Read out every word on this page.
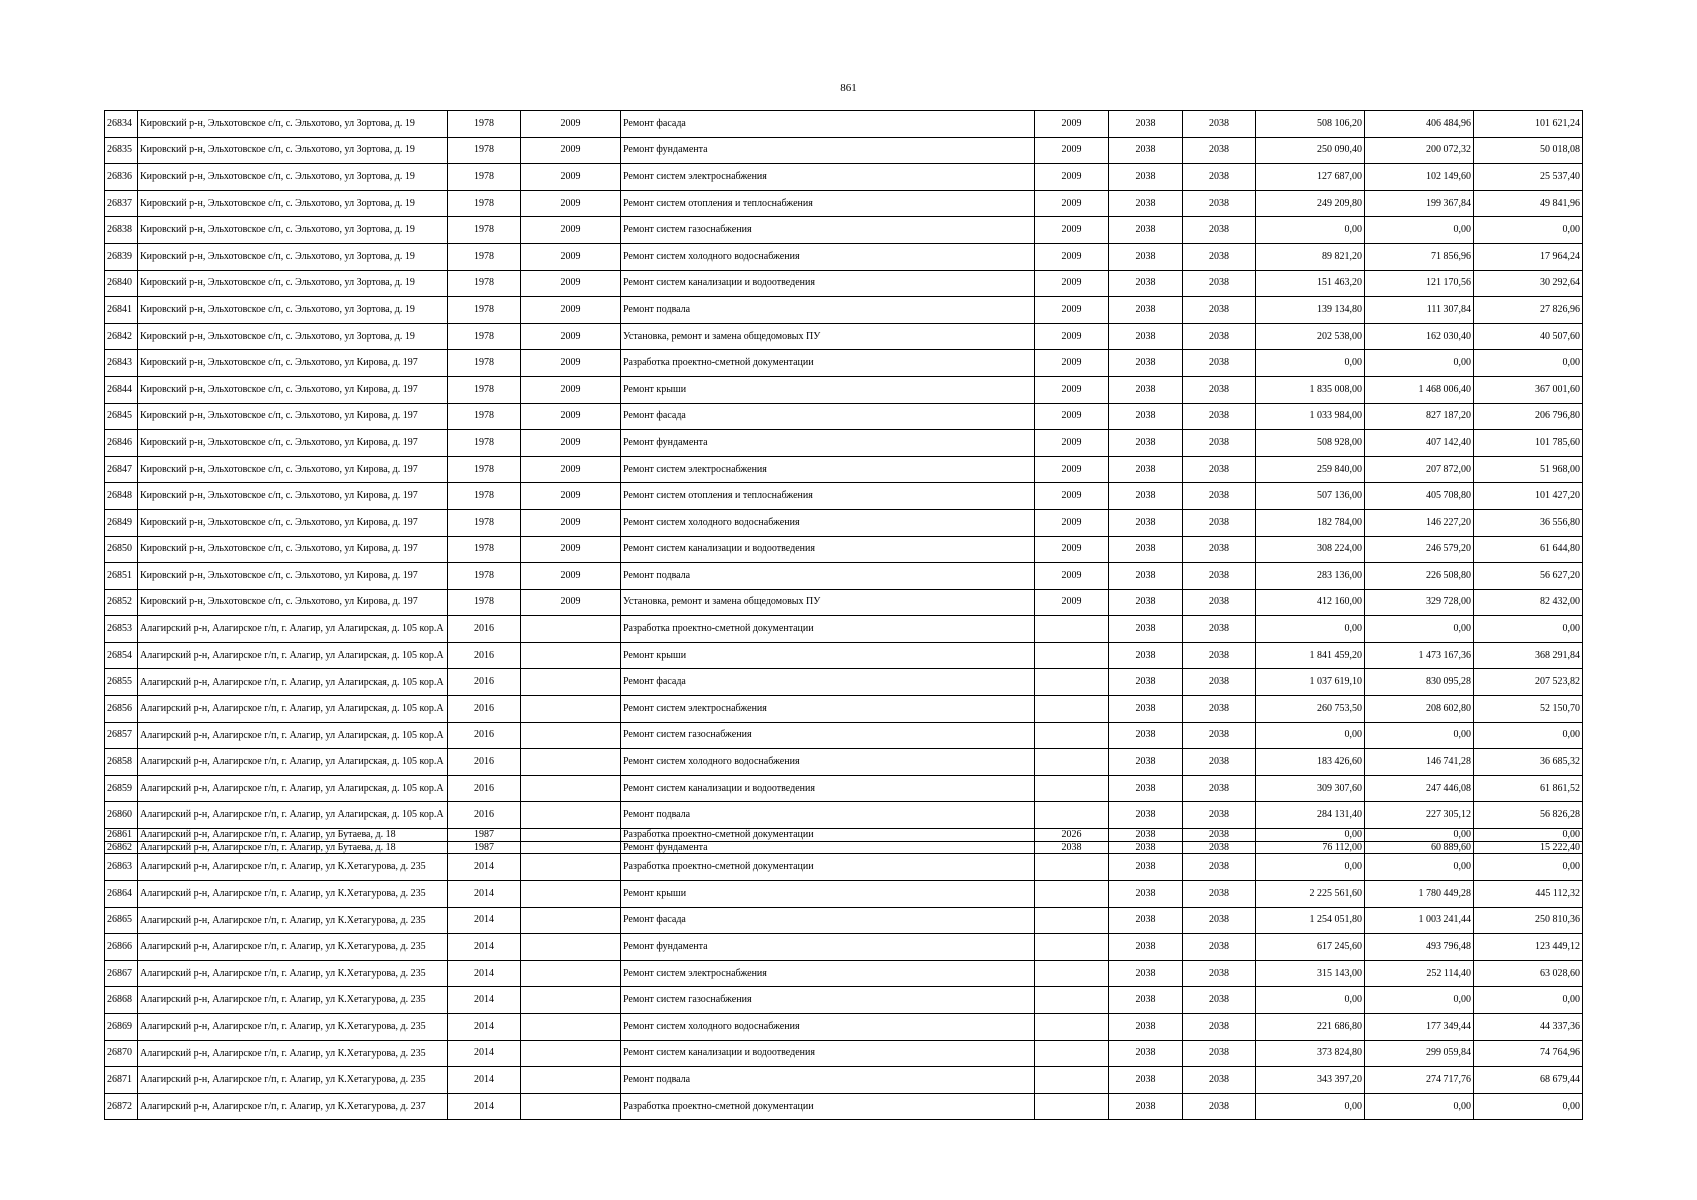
861
26834	Кировский р-н, Эльхотовское с/п, с. Эльхотово, ул Зортова, д. 19	1978	2009	Ремонт фасада	2009	2038	2038	508 106,20	406 484,96	101 621,24
26835	Кировский р-н, Эльхотовское с/п, с. Эльхотово, ул Зортова, д. 19	1978	2009	Ремонт фундамента	2009	2038	2038	250 090,40	200 072,32	50 018,08
26836	Кировский р-н, Эльхотовское с/п, с. Эльхотово, ул Зортова, д. 19	1978	2009	Ремонт систем электроснабжения	2009	2038	2038	127 687,00	102 149,60	25 537,40
26837	Кировский р-н, Эльхотовское с/п, с. Эльхотово, ул Зортова, д. 19	1978	2009	Ремонт систем отопления и теплоснабжения	2009	2038	2038	249 209,80	199 367,84	49 841,96
26838	Кировский р-н, Эльхотовское с/п, с. Эльхотово, ул Зортова, д. 19	1978	2009	Ремонт систем газоснабжения	2009	2038	2038	0,00	0,00	0,00
26839	Кировский р-н, Эльхотовское с/п, с. Эльхотово, ул Зортова, д. 19	1978	2009	Ремонт систем холодного водоснабжения	2009	2038	2038	89 821,20	71 856,96	17 964,24
26840	Кировский р-н, Эльхотовское с/п, с. Эльхотово, ул Зортова, д. 19	1978	2009	Ремонт систем канализации и водоотведения	2009	2038	2038	151 463,20	121 170,56	30 292,64
26841	Кировский р-н, Эльхотовское с/п, с. Эльхотово, ул Зортова, д. 19	1978	2009	Ремонт подвала	2009	2038	2038	139 134,80	111 307,84	27 826,96
26842	Кировский р-н, Эльхотовское с/п, с. Эльхотово, ул Зортова, д. 19	1978	2009	Установка, ремонт и замена общедомовых ПУ	2009	2038	2038	202 538,00	162 030,40	40 507,60
26843	Кировский р-н, Эльхотовское с/п, с. Эльхотово, ул Кирова, д. 197	1978	2009	Разработка проектно-сметной документации	2009	2038	2038	0,00	0,00	0,00
26844	Кировский р-н, Эльхотовское с/п, с. Эльхотово, ул Кирова, д. 197	1978	2009	Ремонт крыши	2009	2038	2038	1 835 008,00	1 468 006,40	367 001,60
26845	Кировский р-н, Эльхотовское с/п, с. Эльхотово, ул Кирова, д. 197	1978	2009	Ремонт фасада	2009	2038	2038	1 033 984,00	827 187,20	206 796,80
26846	Кировский р-н, Эльхотовское с/п, с. Эльхотово, ул Кирова, д. 197	1978	2009	Ремонт фундамента	2009	2038	2038	508 928,00	407 142,40	101 785,60
26847	Кировский р-н, Эльхотовское с/п, с. Эльхотово, ул Кирова, д. 197	1978	2009	Ремонт систем электроснабжения	2009	2038	2038	259 840,00	207 872,00	51 968,00
26848	Кировский р-н, Эльхотовское с/п, с. Эльхотово, ул Кирова, д. 197	1978	2009	Ремонт систем отопления и теплоснабжения	2009	2038	2038	507 136,00	405 708,80	101 427,20
26849	Кировский р-н, Эльхотовское с/п, с. Эльхотово, ул Кирова, д. 197	1978	2009	Ремонт систем холодного водоснабжения	2009	2038	2038	182 784,00	146 227,20	36 556,80
26850	Кировский р-н, Эльхотовское с/п, с. Эльхотово, ул Кирова, д. 197	1978	2009	Ремонт систем канализации и водоотведения	2009	2038	2038	308 224,00	246 579,20	61 644,80
26851	Кировский р-н, Эльхотовское с/п, с. Эльхотово, ул Кирова, д. 197	1978	2009	Ремонт подвала	2009	2038	2038	283 136,00	226 508,80	56 627,20
26852	Кировский р-н, Эльхотовское с/п, с. Эльхотово, ул Кирова, д. 197	1978	2009	Установка, ремонт и замена общедомовых ПУ	2009	2038	2038	412 160,00	329 728,00	82 432,00
26853	Алагирский р-н, Алагирское г/п, г. Алагир, ул Алагирская, д. 105 кор.А	2016		Разработка проектно-сметной документации		2038	2038	0,00	0,00	0,00
26854	Алагирский р-н, Алагирское г/п, г. Алагир, ул Алагирская, д. 105 кор.А	2016		Ремонт крыши		2038	2038	1 841 459,20	1 473 167,36	368 291,84
26855	Алагирский р-н, Алагирское г/п, г. Алагир, ул Алагирская, д. 105 кор.А	2016		Ремонт фасада		2038	2038	1 037 619,10	830 095,28	207 523,82
26856	Алагирский р-н, Алагирское г/п, г. Алагир, ул Алагирская, д. 105 кор.А	2016		Ремонт систем электроснабжения		2038	2038	260 753,50	208 602,80	52 150,70
26857	Алагирский р-н, Алагирское г/п, г. Алагир, ул Алагирская, д. 105 кор.А	2016		Ремонт систем газоснабжения		2038	2038	0,00	0,00	0,00
26858	Алагирский р-н, Алагирское г/п, г. Алагир, ул Алагирская, д. 105 кор.А	2016		Ремонт систем холодного водоснабжения		2038	2038	183 426,60	146 741,28	36 685,32
26859	Алагирский р-н, Алагирское г/п, г. Алагир, ул Алагирская, д. 105 кор.А	2016		Ремонт систем канализации и водоотведения		2038	2038	309 307,60	247 446,08	61 861,52
26860	Алагирский р-н, Алагирское г/п, г. Алагир, ул Алагирская, д. 105 кор.А	2016		Ремонт подвала		2038	2038	284 131,40	227 305,12	56 826,28
26861	Алагирский р-н, Алагирское г/п, г. Алагир, ул Бутаева, д. 18	1987		Разработка проектно-сметной документации	2026	2038	2038	0,00	0,00	0,00
26862	Алагирский р-н, Алагирское г/п, г. Алагир, ул Бутаева, д. 18	1987		Ремонт фундамента	2038	2038	2038	76 112,00	60 889,60	15 222,40
26863	Алагирский р-н, Алагирское г/п, г. Алагир, ул К.Хетагурова, д. 235	2014		Разработка проектно-сметной документации		2038	2038	0,00	0,00	0,00
26864	Алагирский р-н, Алагирское г/п, г. Алагир, ул К.Хетагурова, д. 235	2014		Ремонт крыши		2038	2038	2 225 561,60	1 780 449,28	445 112,32
26865	Алагирский р-н, Алагирское г/п, г. Алагир, ул К.Хетагурова, д. 235	2014		Ремонт фасада		2038	2038	1 254 051,80	1 003 241,44	250 810,36
26866	Алагирский р-н, Алагирское г/п, г. Алагир, ул К.Хетагурова, д. 235	2014		Ремонт фундамента		2038	2038	617 245,60	493 796,48	123 449,12
26867	Алагирский р-н, Алагирское г/п, г. Алагир, ул К.Хетагурова, д. 235	2014		Ремонт систем электроснабжения		2038	2038	315 143,00	252 114,40	63 028,60
26868	Алагирский р-н, Алагирское г/п, г. Алагир, ул К.Хетагурова, д. 235	2014		Ремонт систем газоснабжения		2038	2038	0,00	0,00	0,00
26869	Алагирский р-н, Алагирское г/п, г. Алагир, ул К.Хетагурова, д. 235	2014		Ремонт систем холодного водоснабжения		2038	2038	221 686,80	177 349,44	44 337,36
26870	Алагирский р-н, Алагирское г/п, г. Алагир, ул К.Хетагурова, д. 235	2014		Ремонт систем канализации и водоотведения		2038	2038	373 824,80	299 059,84	74 764,96
26871	Алагирский р-н, Алагирское г/п, г. Алагир, ул К.Хетагурова, д. 235	2014		Ремонт подвала		2038	2038	343 397,20	274 717,76	68 679,44
26872	Алагирский р-н, Алагирское г/п, г. Алагир, ул К.Хетагурова, д. 237	2014		Разработка проектно-сметной документации		2038	2038	0,00	0,00	0,00
